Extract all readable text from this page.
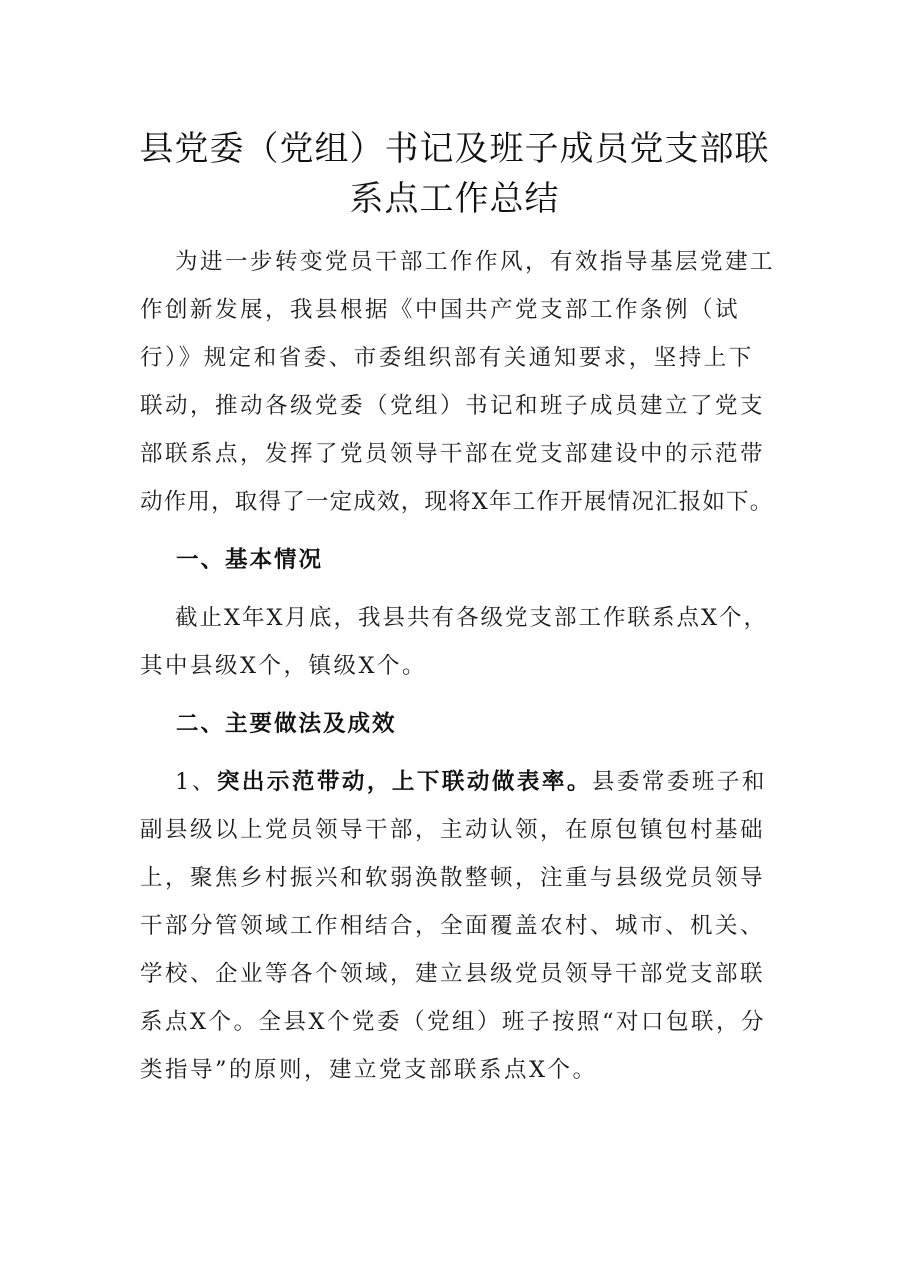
县党委（党组）书记及班子成员党支部联
系点工作总结
为进一步转变党员干部工作作风，有效指导基层党建工
作创新发展，我县根据《中国共产党支部工作条例（试
行）》规定和省委、市委组织部有关通知要求，坚持上下
联动，推动各级党委（党组）书记和班子成员建立了党支
部联系点，发挥了党员领导干部在党支部建设中的示范带
动作用，取得了一定成效，现将X年工作开展情况汇报如下。
一、基本情况
截止X年X月底，我县共有各级党支部工作联系点X个，
其中县级X个，镇级X个。
二、主要做法及成效
1、突出示范带动，上下联动做表率。县委常委班子和
副县级以上党员领导干部，主动认领，在原包镇包村基础
上，聚焦乡村振兴和软弱涣散整顿，注重与县级党员领导
干部分管领域工作相结合，全面覆盖农村、城市、机关、
学校、企业等各个领域，建立县级党员领导干部党支部联
系点X个。全县X个党委（党组）班子按照“对口包联，分
类指导”的原则，建立党支部联系点X个。
